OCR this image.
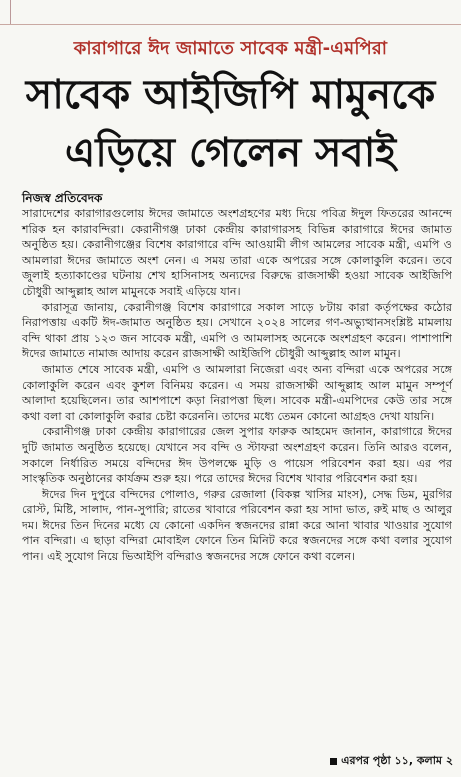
কারাগারে ঈদ জামাতে সাবেক মন্ত্রী-এমপিরা
সাবেক আইজিপি মামুনকে
এড়িয়ে গেলেন সবাই
নিজস্ব প্রতিবেদক

সারাদেশের কারাগারগুলোয় ঈদের জামাতে অংশগ্রহণের মধ্য দিয়ে পবিত্র ঈদুল ফিতরের আনন্দে শরিক হন কারাবন্দিরা। কেরানীগঞ্জ ঢাকা কেন্দ্রীয় কারাগারসহ বিভিন্ন কারাগারে ঈদের জামাত অনুষ্ঠিত হয়। কেরানীগঞ্জের বিশেষ কারাগারে বন্দি আওয়ামী লীগ আমলের সাবেক মন্ত্রী, এমপি ও আমলারা ঈদের জামাতে অংশ নেন। এ সময় তারা একে অপরের সঙ্গে কোলাকুলি করেন। তবে জুলাই হত্যাকাণ্ডের ঘটনায় শেখ হাসিনাসহ অন্যদের বিরুদ্ধে রাজসাক্ষী হওয়া সাবেক আইজিপি চৌধুরী আব্দুল্লাহ আল মামুনকে সবাই এড়িয়ে যান।

কারাসূত্র জানায়, কেরানীগঞ্জ বিশেষ কারাগারে সকাল সাড়ে ৮টায় কারা কর্তৃপক্ষের কঠোর নিরাপত্তায় একটি ঈদ-জামাত অনুষ্ঠিত হয়। সেখানে ২০২৪ সালের গণ-অভ্যুত্থানসংশ্লিষ্ট মামলায় বন্দি থাকা প্রায় ১২৩ জন সাবেক মন্ত্রী, এমপি ও আমলাসহ অনেকে অংশগ্রহণ করেন। পাশাপাশি ঈদের জামাতে নামাজ আদায় করেন রাজসাক্ষী আইজিপি চৌধুরী আব্দুল্লাহ আল মামুন।

জামাত শেষে সাবেক মন্ত্রী, এমপি ও আমলারা নিজেরা এবং অন্য বন্দিরা একে অপরের সঙ্গে কোলাকুলি করেন এবং কুশল বিনিময় করেন। এ সময় রাজসাক্ষী আব্দুল্লাহ আল মামুন সম্পূর্ণ আলাদা হয়েছিলেন। তার আশপাশে কড়া নিরাপত্তা ছিল। সাবেক মন্ত্রী-এমপিদের কেউ তার সঙ্গে কথা বলা বা কোলাকুলি করার চেষ্টা করেননি। তাদের মধ্যে তেমন কোনো আগ্রহও দেখা যায়নি।

কেরানীগঞ্জ ঢাকা কেন্দ্রীয় কারাগারের জেল সুপার ফারুক আহমেদ জানান, কারাগারে ঈদের দুটি জামাত অনুষ্ঠিত হয়েছে। যেখানে সব বন্দি ও স্টাফরা অংশগ্রহণ করেন। তিনি আরও বলেন, সকালে নির্ধারিত সময়ে বন্দিদের ঈদ উপলক্ষে মুড়ি ও পায়েস পরিবেশন করা হয়। এর পর সাংস্কৃতিক অনুষ্ঠানের কার্যক্রম শুরু হয়। পরে তাদের ঈদের বিশেষ খাবার পরিবেশন করা হয়।

ঈদের দিন দুপুরে বন্দিদের পোলাও, গরুর রেজালা (বিকল্প খাসির মাংস), সেদ্ধ ডিম, মুরগির রোস্ট, মিষ্টি, সালাদ, পান-সুপারি; রাতের খাবারে পরিবেশন করা হয় সাদা ভাত, রুই মাছ ও আলুর দম। ঈদের তিন দিনের মধ্যে যে কোনো একদিন স্বজনদের রান্না করে আনা খাবার খাওয়ার সুযোগ পান বন্দিরা। এ ছাড়া বন্দিরা মোবাইল ফোনে তিন মিনিট করে স্বজনদের সঙ্গে কথা বলার সুযোগ পান। এই সুযোগ নিয়ে ভিআইপি বন্দিরাও স্বজনদের সঙ্গে ফোনে কথা বলেন।

এরপর পৃষ্ঠা ১১, কলাম ২
